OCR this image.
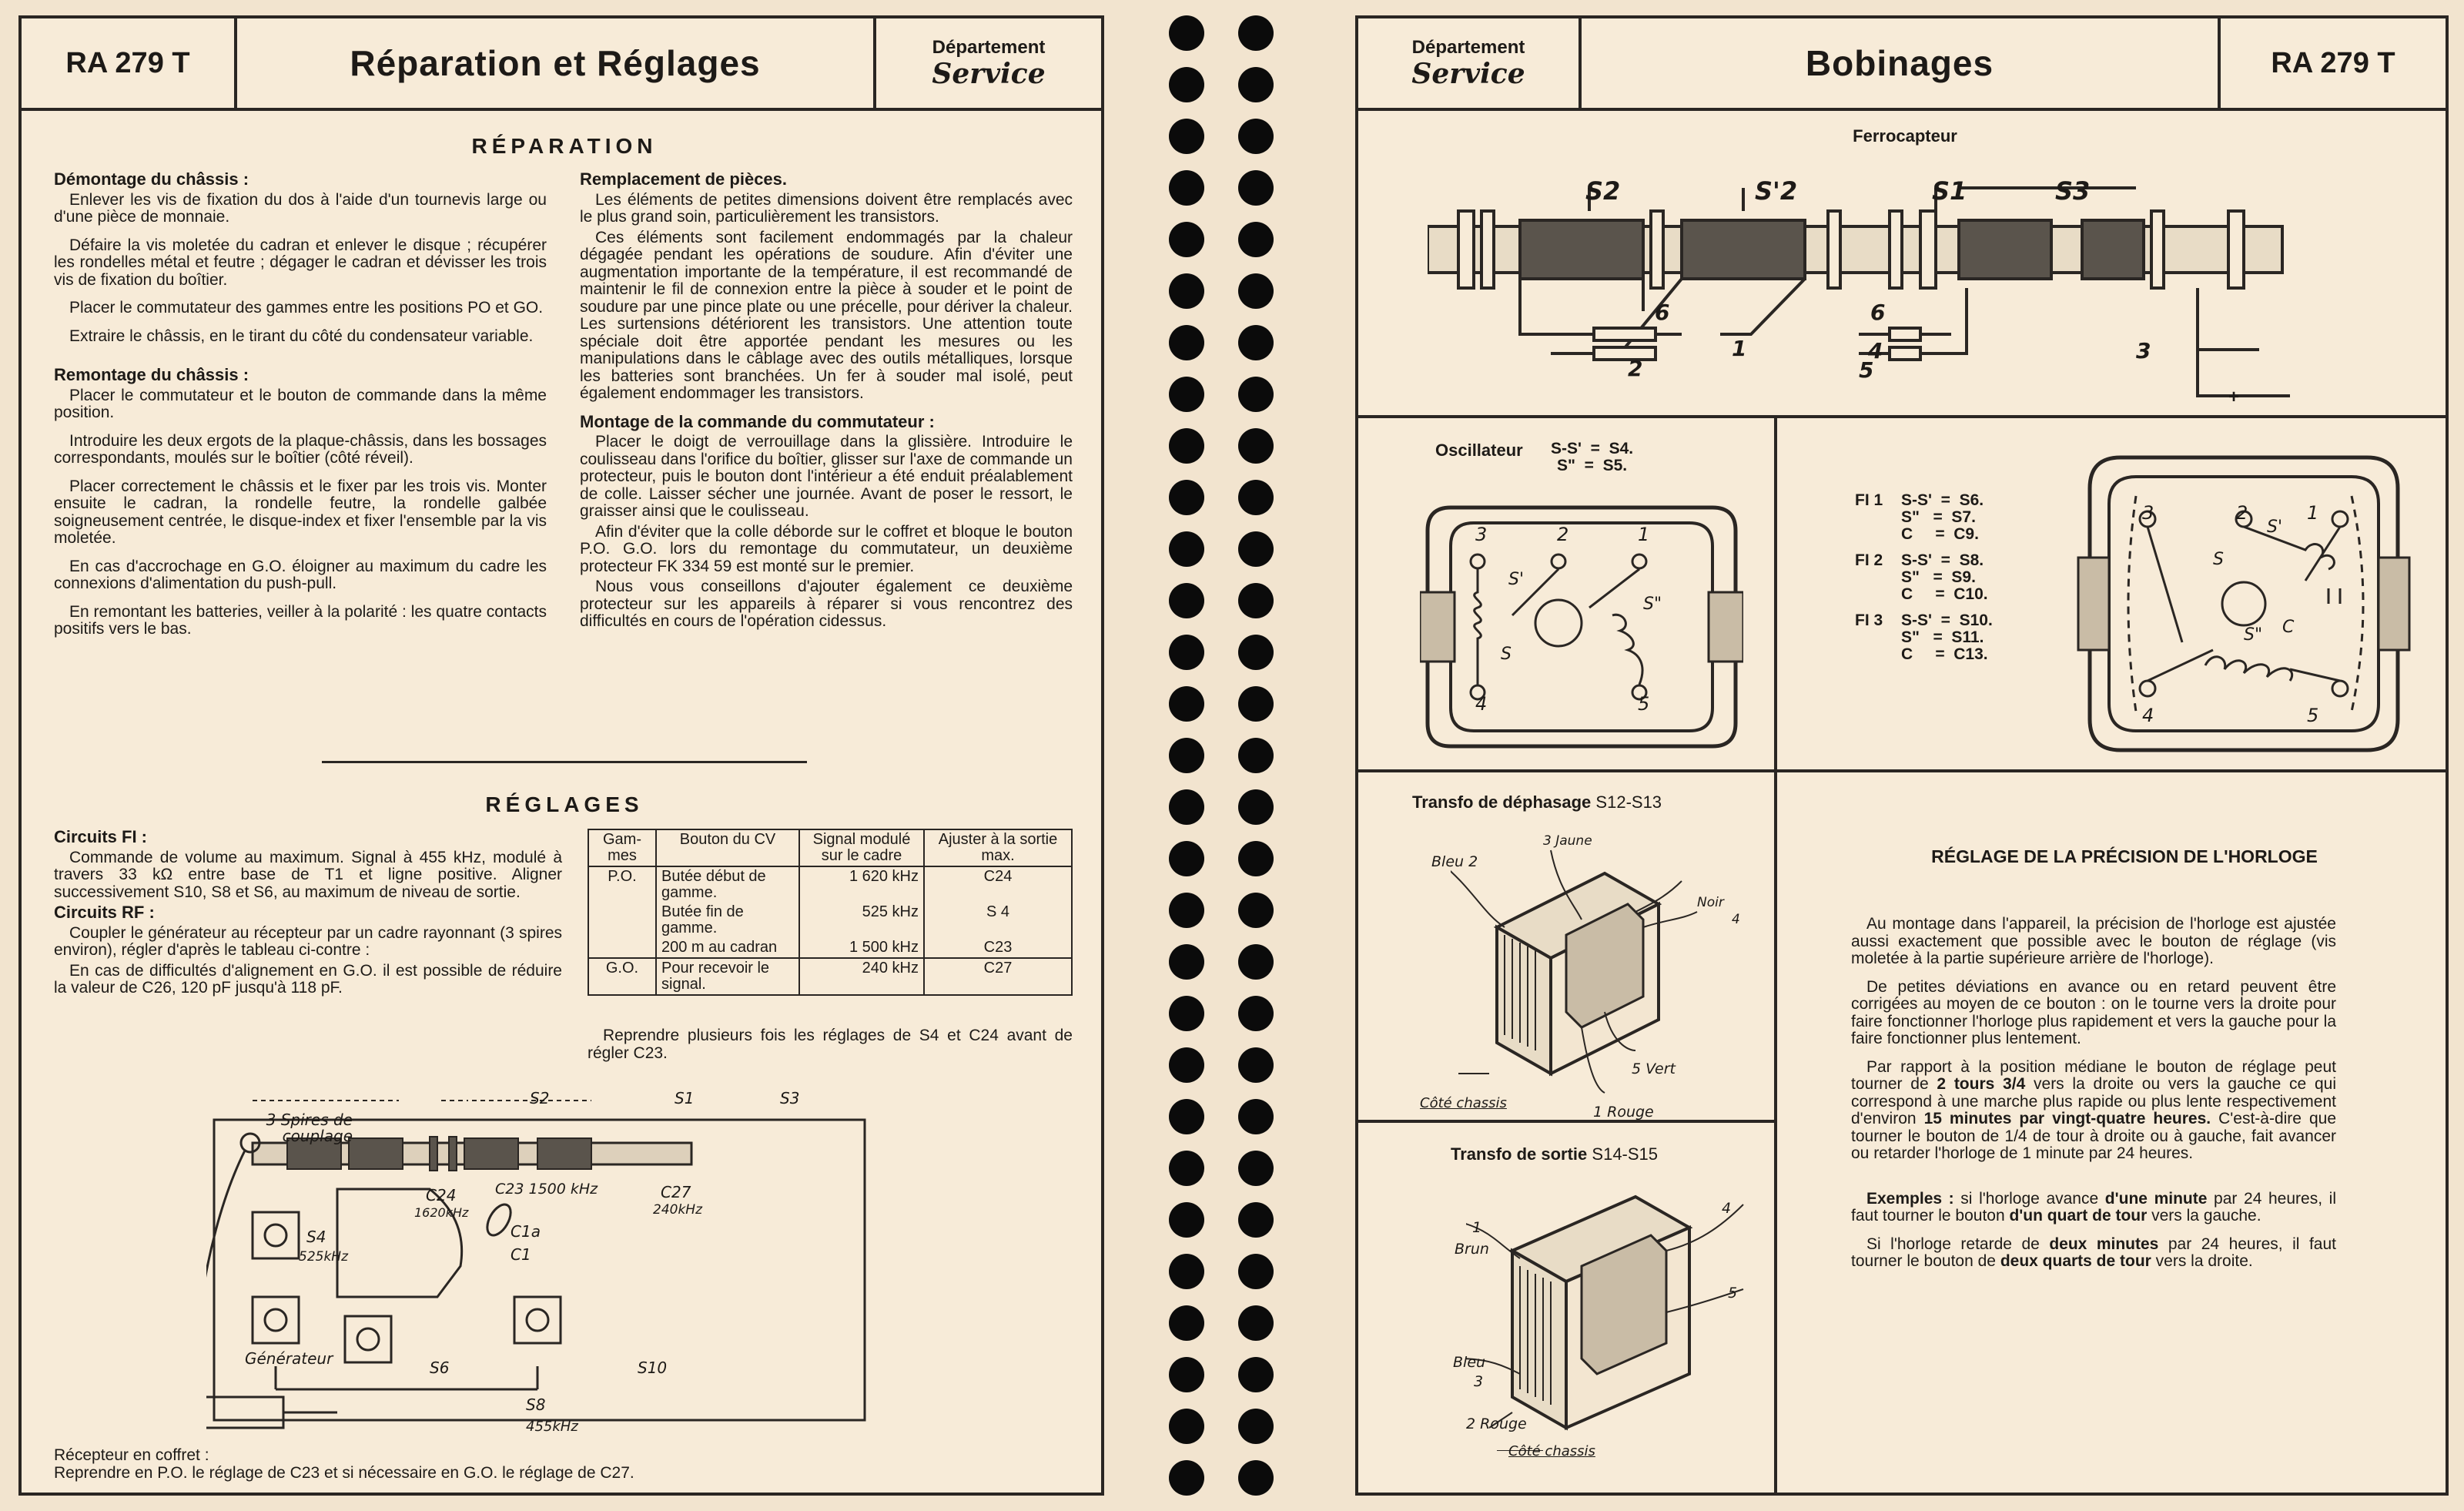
RA 279 T	Réparation et Réglages	Département
Service
RÉPARATION
Démontage du châssis :

Enlever les vis de fixation du dos à l'aide d'un tournevis large ou d'une pièce de monnaie.

Défaire la vis moletée du cadran et enlever le disque ; récupérer les rondelles métal et feutre ; dégager le cadran et dévisser les trois vis de fixation du boîtier.

Placer le commutateur des gammes entre les positions PO et GO.

Extraire le châssis, en le tirant du côté du condensateur variable.

Remontage du châssis :

Placer le commutateur et le bouton de commande dans la même position.

Introduire les deux ergots de la plaque-châssis, dans les bossages correspondants, moulés sur le boîtier (côté réveil).

Placer correctement le châssis et le fixer par les trois vis. Monter ensuite le cadran, la rondelle feutre, la rondelle galbée soigneusement centrée, le disque-index et fixer l'ensemble par la vis moletée.

En cas d'accrochage en G.O. éloigner au maximum du cadre les connexions d'alimentation du push-pull.

En remontant les batteries, veiller à la polarité : les quatre contacts positifs vers le bas.

Remplacement de pièces.

Les éléments de petites dimensions doivent être remplacés avec le plus grand soin, particulièrement les transistors.

Ces éléments sont facilement endommagés par la chaleur dégagée pendant les opérations de soudure. Afin d'éviter une augmentation importante de la température, il est recommandé de maintenir le fil de connexion entre la pièce à souder et le point de soudure par une pince plate ou une précelle, pour dériver la chaleur. Les surtensions détériorent les transistors. Une attention toute spéciale doit être apportée pendant les mesures ou les manipulations dans le câblage avec des outils métalliques, lorsque les batteries sont branchées. Un fer à souder mal isolé, peut également endommager les transistors.

Montage de la commande du commutateur :

Placer le doigt de verrouillage dans la glissière. Introduire le coulisseau dans l'orifice du boîtier, glisser sur l'axe de commande un protecteur, puis le bouton dont l'intérieur a été enduit préalablement de colle. Laisser sécher une journée. Avant de poser le ressort, le graisser ainsi que le coulisseau.

Afin d'éviter que la colle déborde sur le coffret et bloque le bouton P.O. G.O. lors du remontage du commutateur, un deuxième protecteur FK 334 59 est monté sur le premier.

Nous vous conseillons d'ajouter également ce deuxième protecteur sur les appareils à réparer si vous rencontrez des difficultés en cours de l'opération cidessus.

RÉGLAGES
Circuits FI :

Commande de volume au maximum. Signal à 455 kHz, modulé à travers 33 kΩ entre base de T1 et ligne positive. Aligner successivement S10, S8 et S6, au maximum de niveau de sortie.

Circuits RF :

Coupler le générateur au récepteur par un cadre rayonnant (3 spires environ), régler d'après le tableau ci-contre :

En cas de difficultés d'alignement en G.O. il est possible de réduire la valeur de C26, 120 pF jusqu'à 118 pF.

Gam-mes	Bouton du CV	Signal modulé sur le cadre	Ajuster à la sortie max.
P.O.	Butée début de gamme.	1 620 kHz	C24
	Butée fin de gamme.	525 kHz	S 4
	200 m au cadran	1 500 kHz	C23
G.O.	Pour recevoir le signal.	240 kHz	C27

Reprendre plusieurs fois les réglages de S4 et C24 avant de régler C23.

3 Spires de couplage
S2	S1	S3
C24
1620kHz
C23 1500 kHz	C27
240kHz
C1a
C1
S4
525kHz
Générateur	S6
S8
S10
455kHz
Récepteur en coffret :
Reprendre en P.O. le réglage de C23 et si nécessaire en G.O. le réglage de C27.
Département
Service	Bobinages	RA 279 T
Ferrocapteur
S2	S'2	S1	S3
6	6
1
2
4
5
3
+
Oscillateur S-S'  =  S4.
S"  =  S5.
3	2	1
4	5
S
S'
S"
FI 1	S-S'  =  S6.
S"   =  S7.
C     =  C9.
FI 2	S-S'  =  S8.
S"   =  S9.
C     =  C10.
FI 3	S-S'  =  S10.
S"   =  S11.
C     =  C13.
3	2	1
4	5
S
S'
S" C
Transfo de déphasage S12-S13
Bleu 2
3 Jaune
Noir
4
5 Vert
1 Rouge
Côté chassis
Transfo de sortie S14-S15
1
Brun
4
5
Bleu
3
2 Rouge
Côté chassis
RÉGLAGE DE LA PRÉCISION DE L'HORLOGE

Au montage dans l'appareil, la précision de l'horloge est ajustée aussi exactement que possible avec le bouton de réglage (vis moletée à la partie supérieure arrière de l'horloge).

De petites déviations en avance ou en retard peuvent être corrigées au moyen de ce bouton : on le tourne vers la droite pour faire fonctionner l'horloge plus rapidement et vers la gauche pour la faire fonctionner plus lentement.

Par rapport à la position médiane le bouton de réglage peut tourner de 2 tours 3/4 vers la droite ou vers la gauche ce qui correspond à une marche plus rapide ou plus lente respectivement d'environ 15 minutes par vingt-quatre heures. C'est-à-dire que tourner le bouton de 1/4 de tour à droite ou à gauche, fait avancer ou retarder l'horloge de 1 minute par 24 heures.

Exemples : si l'horloge avance d'une minute par 24 heures, il faut tourner le bouton d'un quart de tour vers la gauche.

Si l'horloge retarde de deux minutes par 24 heures, il faut tourner le bouton de deux quarts de tour vers la droite.
